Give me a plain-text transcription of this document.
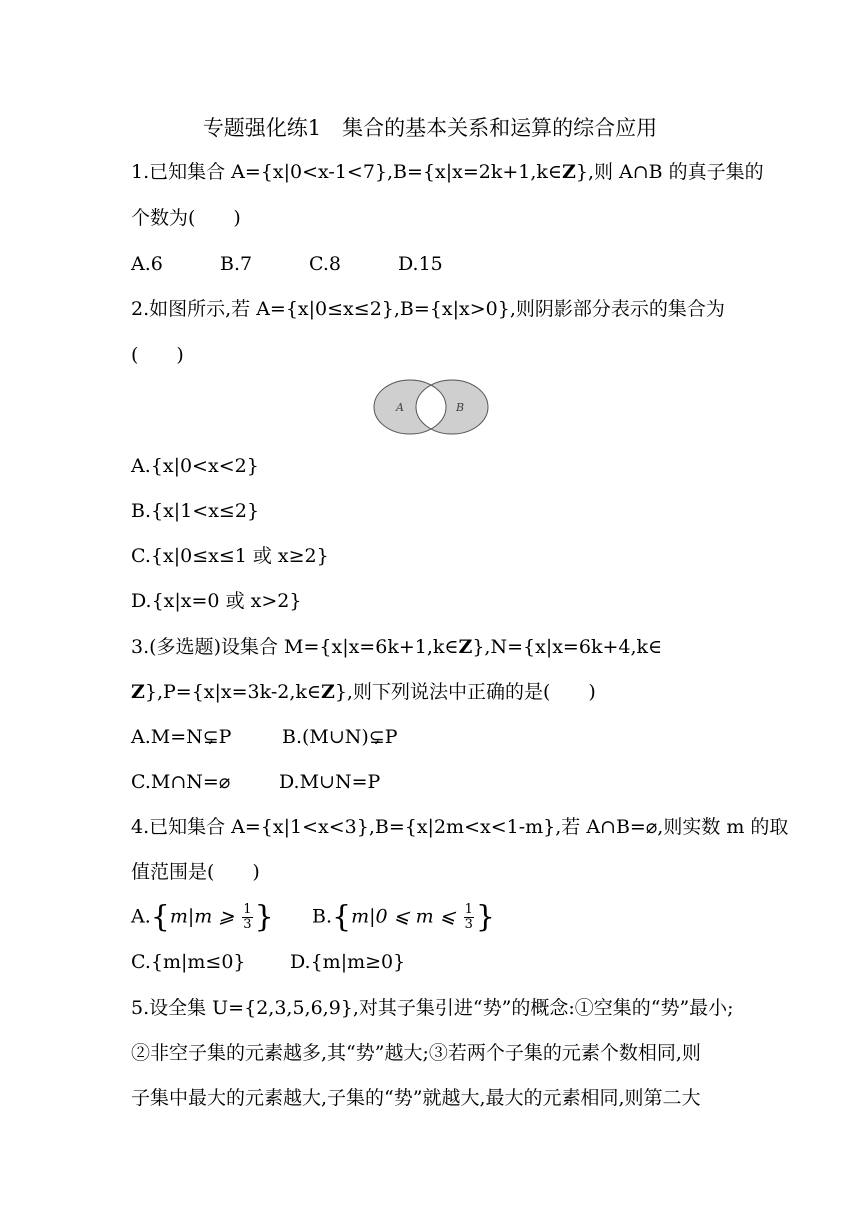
专题强化练1　集合的基本关系和运算的综合应用
1.已知集合 A={x|0<x-1<7},B={x|x=2k+1,k∈Z},则 A∩B 的真子集的
个数为(　　)
A.6	B.7	C.8	D.15
2.如图所示,若 A={x|0≤x≤2},B={x|x>0},则阴影部分表示的集合为
(　　)
A	B
A.{x|0<x<2}
B.{x|1<x≤2}
C.{x|0≤x≤1 或 x≥2}
D.{x|x=0 或 x>2}
3.(多选题)设集合 M={x|x=6k+1,k∈Z},N={x|x=6k+4,k∈
Z},P={x|x=3k-2,k∈Z},则下列说法中正确的是(　　)
A.M=N⊊P	B.(M∪N)⊊P
C.M∩N=⌀	D.M∪N=P
4.已知集合 A={x|1<x<3},B={x|2m<x<1-m},若 A∩B=⌀,则实数 m 的取
值范围是(　　)
A.{m|m ⩾ $\frac{1}{3}$ } B.{m|0 ⩽ m ⩽ $\frac{1}{3}$ }
C.{m|m≤0} D.{m|m≥0}
5.设全集 U={2,3,5,6,9},对其子集引进“势”的概念:①空集的“势”最小;
②非空子集的元素越多,其“势”越大;③若两个子集的元素个数相同,则
子集中最大的元素越大,子集的“势”就越大,最大的元素相同,则第二大
